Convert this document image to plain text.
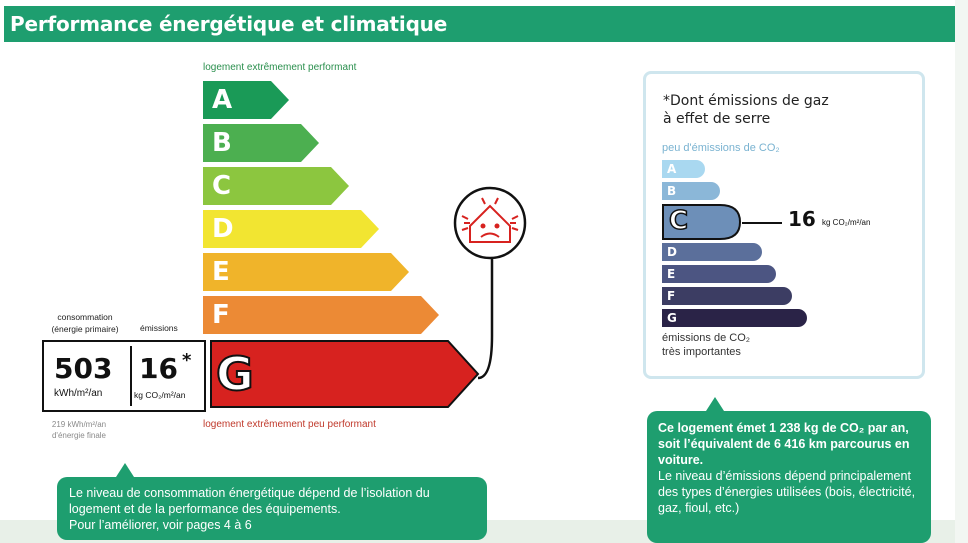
Performance énergétique et climatique
logement extrêmement performant
A
B
C
D
E
F
consommation
(énergie primaire)	émissions
503
kWh/m²/an
16 *
kg CO₂/m²/an G
219 kWh/m²/an
d'énergie finale
logement extrêmement peu performant
*Dont émissions de gaz
à effet de serre
peu d'émissions de CO₂
A
B
D
E
F
G
C	16 kg CO₂/m²/an
émissions de CO₂
très importantes
Le niveau de consommation énergétique dépend de l’isolation du
logement et de la performance des équipements.
Pour l’améliorer, voir pages 4 à 6
Ce logement émet 1 238 kg de CO₂ par an, soit l’équivalent de 6 416 km parcourus en voiture.
Le niveau d’émissions dépend principalement des types d’énergies utilisées (bois, électricité, gaz, fioul, etc.)
